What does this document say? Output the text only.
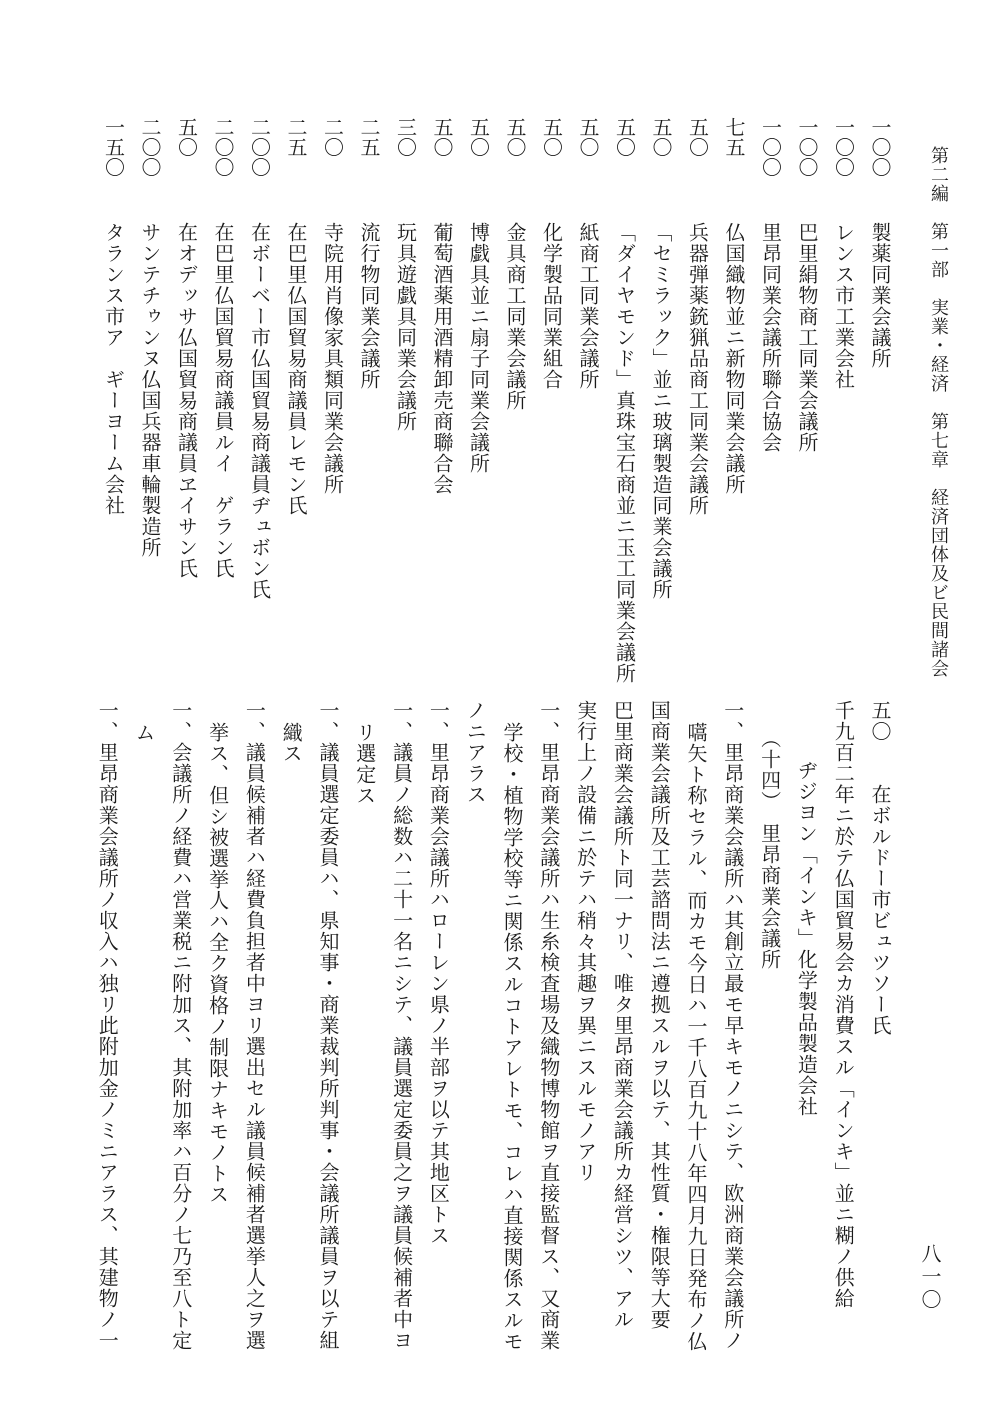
第二編　第一部　実業・経済　第七章　経済団体及ビ民間諸会
八一〇
一〇〇
製薬同業会議所
一〇〇
レンス市工業会社
一〇〇
巴里絹物商工同業会議所
一〇〇
里昂同業会議所聯合協会
七五
仏国織物並ニ新物同業会議所
五〇
兵器弾薬銃猟品商工同業会議所
五〇
「セミラック」並ニ玻璃製造同業会議所
五〇
「ダイヤモンド」真珠宝石商並ニ玉工同業会議所
五〇
紙商工同業会議所
五〇
化学製品同業組合
五〇
金具商工同業会議所
五〇
博戯具並ニ扇子同業会議所
五〇
葡萄酒薬用酒精卸売商聯合会
三〇
玩具遊戯具同業会議所
二五
流行物同業会議所
二〇
寺院用肖像家具類同業会議所
二五
在巴里仏国貿易商議員レモン氏
二〇〇
在ボーベー市仏国貿易商議員ヂュボン氏
二〇〇
在巴里仏国貿易商議員ルイ　ゲラン氏
五〇
在オデッサ仏国貿易商議員ヱイサン氏
二〇〇
サンテチゥンヌ仏国兵器車輪製造所
一五〇
タランス市ア　ギーヨーム会社
五〇　　在ボルドー市ビュツソー氏
千九百二年ニ於テ仏国貿易会カ消費スル「インキ」並ニ糊ノ供給
ヂジヨン「インキ」化学製品製造会社
（十四）　里昂商業会議所
一、里昂商業会議所ハ其創立最モ早キモノニシテ、欧洲商業会議所ノ
嚆矢ト称セラル、而カモ今日ハ一千八百九十八年四月九日発布ノ仏
国商業会議所及工芸諮問法ニ遵拠スルヲ以テ、其性質・権限等大要
巴里商業会議所ト同一ナリ、唯タ里昂商業会議所カ経営シツ、アル
実行上ノ設備ニ於テハ稍々其趣ヲ異ニスルモノアリ
一、里昂商業会議所ハ生糸検査場及織物博物館ヲ直接監督ス、又商業
学校・植物学校等ニ関係スルコトアレトモ、コレハ直接関係スルモ
ノニアラス
一、里昂商業会議所ハローレン県ノ半部ヲ以テ其地区トス
一、議員ノ総数ハ二十一名ニシテ、議員選定委員之ヲ議員候補者中ヨ
リ選定ス
一、議員選定委員ハ、県知事・商業裁判所判事・会議所議員ヲ以テ組
織ス
一、議員候補者ハ経費負担者中ヨリ選出セル議員候補者選挙人之ヲ選
挙ス、但シ被選挙人ハ全ク資格ノ制限ナキモノトス
一、会議所ノ経費ハ営業税ニ附加ス、其附加率ハ百分ノ七乃至八ト定
ム
一、里昂商業会議所ノ収入ハ独リ此附加金ノミニアラス、其建物ノ一
